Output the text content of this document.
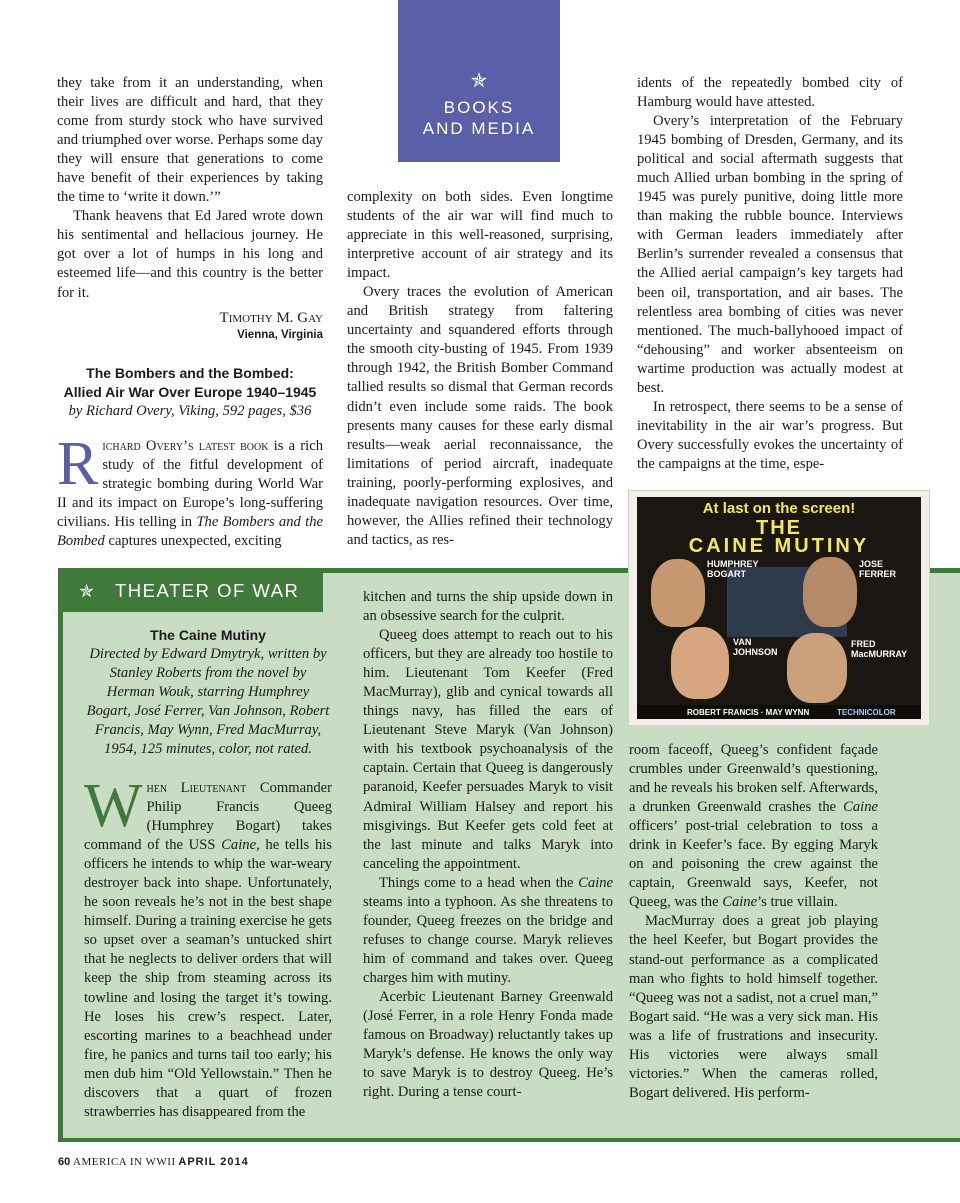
✯
BOOKS
AND MEDIA

they take from it an understanding, when their lives are difficult and hard, that they come from sturdy stock who have survived and triumphed over worse. Perhaps some day they will ensure that generations to come have benefit of their experiences by taking the time to ‘write it down.’”

Thank heavens that Ed Jared wrote down his sentimental and hellacious journey. He got over a lot of humps in his long and esteemed life—and this country is the better for it.

Timothy M. Gay
Vienna, Virginia
The Bombers and the Bombed:
Allied Air War Over Europe 1940–1945
by Richard Overy, Viking, 592 pages, $36

Richard Overy’s latest book is a rich study of the fitful development of strategic bombing during World War II and its impact on Europe’s long-suffering civilians. His telling in The Bombers and the Bombed captures unexpected, exciting

complexity on both sides. Even longtime students of the air war will find much to appreciate in this well-reasoned, surprising, interpretive account of air strategy and its impact.

Overy traces the evolution of American and British strategy from faltering uncertainty and squandered efforts through the smooth city-busting of 1945. From 1939 through 1942, the British Bomber Command tallied results so dismal that German records didn’t even include some raids. The book presents many causes for these early dismal results—weak aerial reconnaissance, the limitations of period aircraft, inadequate training, poorly-performing explosives, and inadequate navigation resources. Over time, however, the Allies refined their technology and tactics, as res-

idents of the repeatedly bombed city of Hamburg would have attested.

Overy’s interpretation of the February 1945 bombing of Dresden, Germany, and its political and social aftermath suggests that much Allied urban bombing in the spring of 1945 was purely punitive, doing little more than making the rubble bounce. Interviews with German leaders immediately after Berlin’s surrender revealed a consensus that the Allied aerial campaign’s key targets had been oil, transportation, and air bases. The relentless area bombing of cities was never mentioned. The much-ballyhooed impact of “dehousing” and worker absenteeism on wartime production was actually modest at best.

In retrospect, there seems to be a sense of inevitability in the air war’s progress. But Overy successfully evokes the uncertainty of the campaigns at the time, espe-

✯ THEATER OF WAR
At last on the screen!
THE
CAINE MUTINY
HUMPHREY BOGART
JOSE FERRER
VAN JOHNSON
FRED MacMURRAY
ROBERT FRANCIS · MAY WYNN	TECHNICOLOR
The Caine Mutiny
Directed by Edward Dmytryk, written by Stanley Roberts from the novel by Herman Wouk, starring Humphrey Bogart, José Ferrer, Van Johnson, Robert Francis, May Wynn, Fred MacMurray, 1954, 125 minutes, color, not rated.

When Lieutenant Commander Philip Francis Queeg (Humphrey Bogart) takes command of the USS Caine, he tells his officers he intends to whip the war-weary destroyer back into shape. Unfortunately, he soon reveals he’s not in the best shape himself. During a training exercise he gets so upset over a seaman’s untucked shirt that he neglects to deliver orders that will keep the ship from steaming across its towline and losing the target it’s towing. He loses his crew’s respect. Later, escorting marines to a beachhead under fire, he panics and turns tail too early; his men dub him “Old Yellowstain.” Then he discovers that a quart of frozen strawberries has disappeared from the

kitchen and turns the ship upside down in an obsessive search for the culprit.

Queeg does attempt to reach out to his officers, but they are already too hostile to him. Lieutenant Tom Keefer (Fred MacMurray), glib and cynical towards all things navy, has filled the ears of Lieutenant Steve Maryk (Van Johnson) with his textbook psychoanalysis of the captain. Certain that Queeg is dangerously paranoid, Keefer persuades Maryk to visit Admiral William Halsey and report his misgivings. But Keefer gets cold feet at the last minute and talks Maryk into canceling the appointment.

Things come to a head when the Caine steams into a typhoon. As she threatens to founder, Queeg freezes on the bridge and refuses to change course. Maryk relieves him of command and takes over. Queeg charges him with mutiny.

Acerbic Lieutenant Barney Greenwald (José Ferrer, in a role Henry Fonda made famous on Broadway) reluctantly takes up Maryk’s defense. He knows the only way to save Maryk is to destroy Queeg. He’s right. During a tense court-

room faceoff, Queeg’s confident façade crumbles under Greenwald’s questioning, and he reveals his broken self. Afterwards, a drunken Greenwald crashes the Caine officers’ post-trial celebration to toss a drink in Keefer’s face. By egging Maryk on and poisoning the crew against the captain, Greenwald says, Keefer, not Queeg, was the Caine’s true villain.

MacMurray does a great job playing the heel Keefer, but Bogart provides the stand-out performance as a complicated man who fights to hold himself together. “Queeg was not a sadist, not a cruel man,” Bogart said. “He was a very sick man. His was a life of frustrations and insecurity. His victories were always small victories.” When the cameras rolled, Bogart delivered. His perform-

60 AMERICA IN WWII APRIL 2014
